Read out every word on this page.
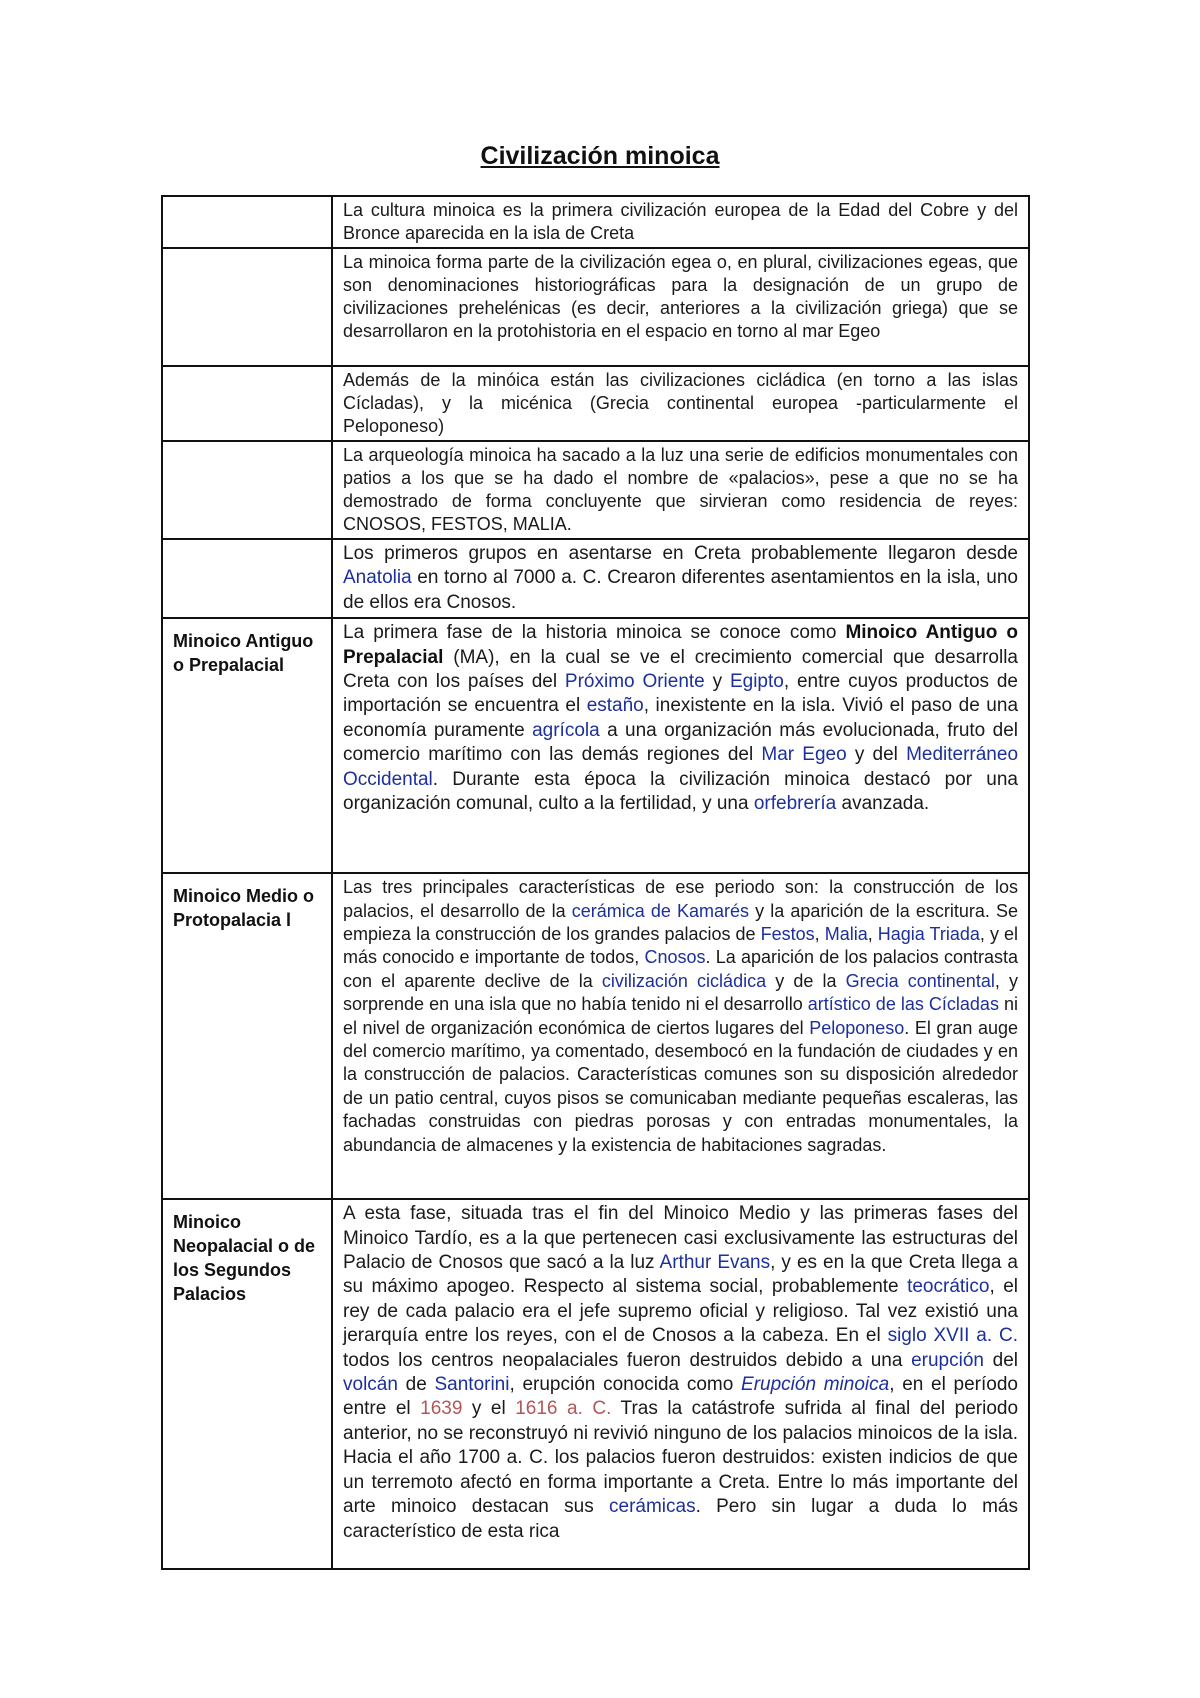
Civilización minoica
	La cultura minoica es la primera civilización europea de la Edad del Cobre y del Bronce aparecida en la isla de Creta
	La minoica forma parte de la civilización egea o, en plural, civilizaciones egeas, que son denominaciones historiográficas para la designación de un grupo de civilizaciones prehelénicas (es decir, anteriores a la civilización griega) que se desarrollaron en la protohistoria en el espacio en torno al mar Egeo
	Además de la minóica están las civilizaciones cicládica (en torno a las islas Cícladas), y la micénica (Grecia continental europea -particularmente el Peloponeso)
	La arqueología minoica ha sacado a la luz una serie de edificios monumentales con patios a los que se ha dado el nombre de «palacios», pese a que no se ha demostrado de forma concluyente que sirvieran como residencia de reyes: CNOSOS, FESTOS, MALIA.
	Los primeros grupos en asentarse en Creta probablemente llegaron desde Anatolia en torno al 7000 a. C. Crearon diferentes asentamientos en la isla, uno de ellos era Cnosos.
Minoico Antiguo o Prepalacial	La primera fase de la historia minoica se conoce como Minoico Antiguo o Prepalacial (MA), en la cual se ve el crecimiento comercial que desarrolla Creta con los países del Próximo Oriente y Egipto, entre cuyos productos de importación se encuentra el estaño, inexistente en la isla. Vivió el paso de una economía puramente agrícola a una organización más evolucionada, fruto del comercio marítimo con las demás regiones del Mar Egeo y del Mediterráneo Occidental. Durante esta época la civilización minoica destacó por una organización comunal, culto a la fertilidad, y una orfebrería avanzada.
Minoico Medio o Protopalacia l	Las tres principales características de ese periodo son: la construcción de los palacios, el desarrollo de la cerámica de Kamarés y la aparición de la escritura. Se empieza la construcción de los grandes palacios de Festos, Malia, Hagia Triada, y el más conocido e importante de todos, Cnosos. La aparición de los palacios contrasta con el aparente declive de la civilización cicládica y de la Grecia continental, y sorprende en una isla que no había tenido ni el desarrollo artístico de las Cícladas ni el nivel de organización económica de ciertos lugares del Peloponeso. El gran auge del comercio marítimo, ya comentado, desembocó en la fundación de ciudades y en la construcción de palacios. Características comunes son su disposición alrededor de un patio central, cuyos pisos se comunicaban mediante pequeñas escaleras, las fachadas construidas con piedras porosas y con entradas monumentales, la abundancia de almacenes y la existencia de habitaciones sagradas.
Minoico Neopalacial o de los Segundos Palacios	A esta fase, situada tras el fin del Minoico Medio y las primeras fases del Minoico Tardío, es a la que pertenecen casi exclusivamente las estructuras del Palacio de Cnosos que sacó a la luz Arthur Evans, y es en la que Creta llega a su máximo apogeo. Respecto al sistema social, probablemente teocrático, el rey de cada palacio era el jefe supremo oficial y religioso. Tal vez existió una jerarquía entre los reyes, con el de Cnosos a la cabeza. En el siglo XVII a. C. todos los centros neopalaciales fueron destruidos debido a una erupción del volcán de Santorini, erupción conocida como Erupción minoica, en el período entre el 1639 y el 1616 a. C. Tras la catástrofe sufrida al final del periodo anterior, no se reconstruyó ni revivió ninguno de los palacios minoicos de la isla. Hacia el año 1700 a. C. los palacios fueron destruidos: existen indicios de que un terremoto afectó en forma importante a Creta. Entre lo más importante del arte minoico destacan sus cerámicas. Pero sin lugar a duda lo más característico de esta rica
